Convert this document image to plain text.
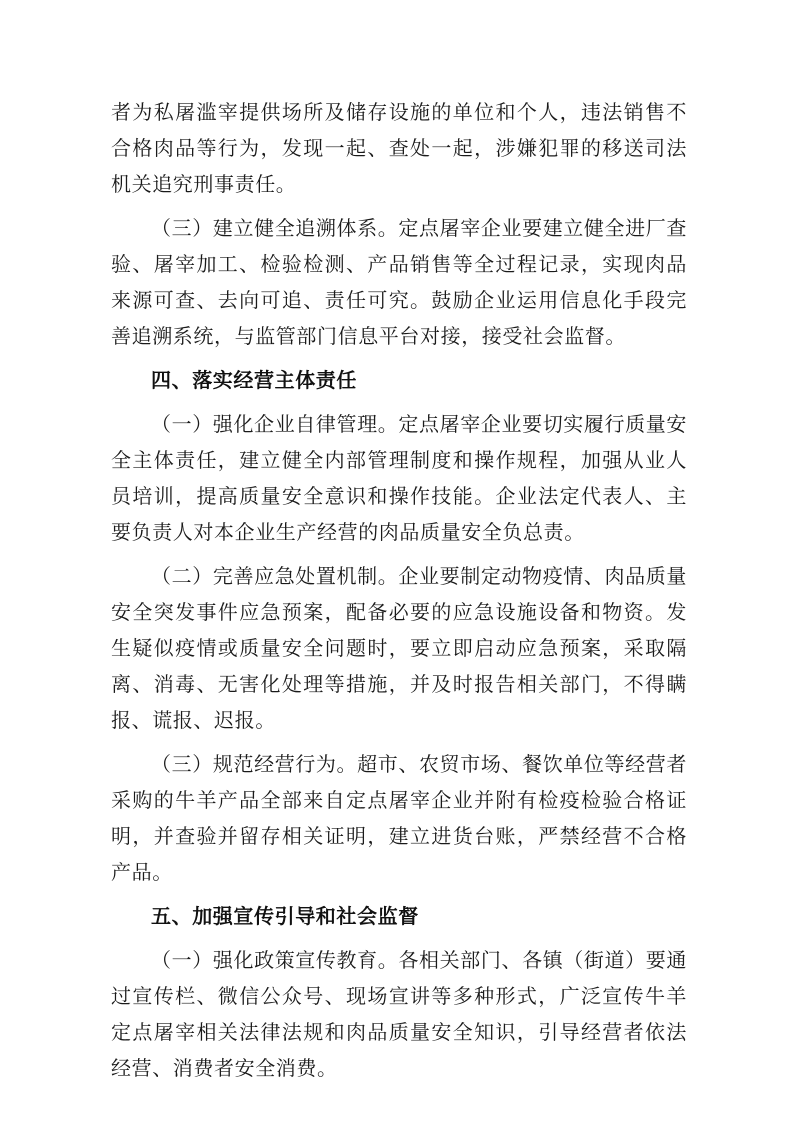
者为私屠滥宰提供场所及储存设施的单位和个人，违法销售不合格肉品等行为，发现一起、查处一起，涉嫌犯罪的移送司法机关追究刑事责任。

（三）建立健全追溯体系。定点屠宰企业要建立健全进厂查验、屠宰加工、检验检测、产品销售等全过程记录，实现肉品来源可查、去向可追、责任可究。鼓励企业运用信息化手段完善追溯系统，与监管部门信息平台对接，接受社会监督。

四、落实经营主体责任

（一）强化企业自律管理。定点屠宰企业要切实履行质量安全主体责任，建立健全内部管理制度和操作规程，加强从业人员培训，提高质量安全意识和操作技能。企业法定代表人、主要负责人对本企业生产经营的肉品质量安全负总责。

（二）完善应急处置机制。企业要制定动物疫情、肉品质量安全突发事件应急预案，配备必要的应急设施设备和物资。发生疑似疫情或质量安全问题时，要立即启动应急预案，采取隔离、消毒、无害化处理等措施，并及时报告相关部门，不得瞒报、谎报、迟报。

（三）规范经营行为。超市、农贸市场、餐饮单位等经营者采购的牛羊产品全部来自定点屠宰企业并附有检疫检验合格证明，并查验并留存相关证明，建立进货台账，严禁经营不合格产品。

五、加强宣传引导和社会监督

（一）强化政策宣传教育。各相关部门、各镇（街道）要通过宣传栏、微信公众号、现场宣讲等多种形式，广泛宣传牛羊定点屠宰相关法律法规和肉品质量安全知识，引导经营者依法经营、消费者安全消费。
